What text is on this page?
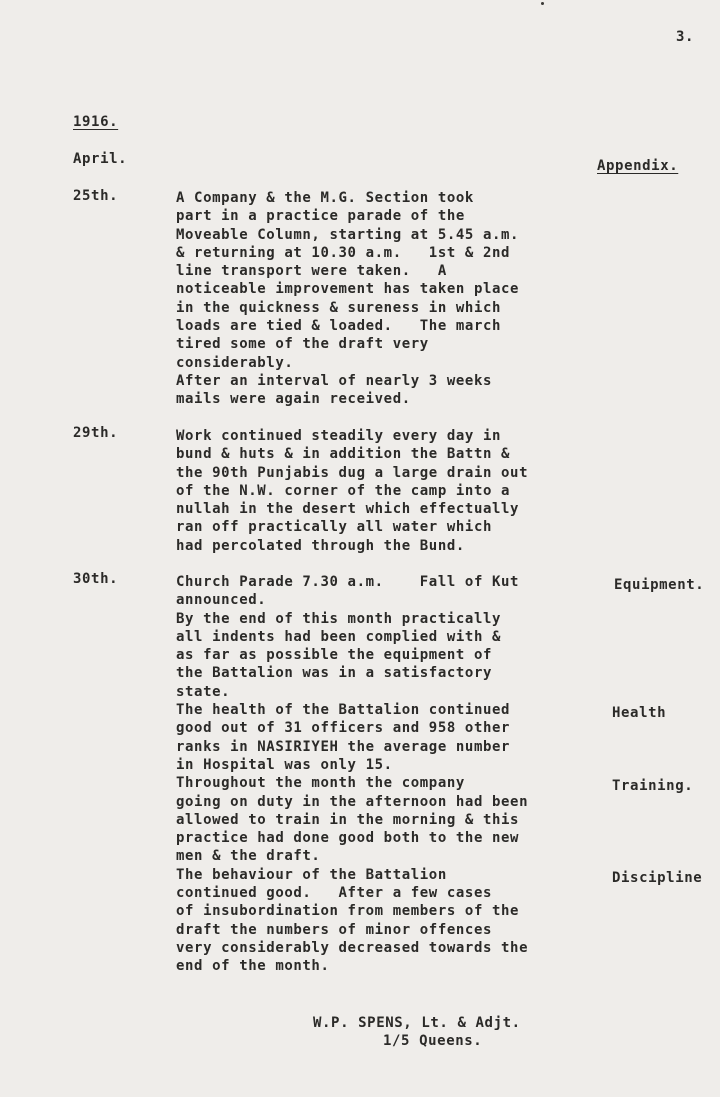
3.
1916.
April.	Appendix.
25th.	A Company & the M.G. Section took
part in a practice parade of the
Moveable Column, starting at 5.45 a.m.
& returning at 10.30 a.m.   1st & 2nd
line transport were taken.   A
noticeable improvement has taken place
in the quickness & sureness in which
loads are tied & loaded.   The march
tired some of the draft very
considerably.
After an interval of nearly 3 weeks
mails were again received.
29th.	Work continued steadily every day in
bund & huts & in addition the Battn &
the 90th Punjabis dug a large drain out
of the N.W. corner of the camp into a
nullah in the desert which effectually
ran off practically all water which
had percolated through the Bund.
30th.	Church Parade 7.30 a.m.    Fall of Kut
announced.
By the end of this month practically
all indents had been complied with &
as far as possible the equipment of
the Battalion was in a satisfactory
state.
The health of the Battalion continued
good out of 31 officers and 958 other
ranks in NASIRIYEH the average number
in Hospital was only 15.
Throughout the month the company
going on duty in the afternoon had been
allowed to train in the morning & this
practice had done good both to the new
men & the draft.
The behaviour of the Battalion
continued good.   After a few cases
of insubordination from members of the
draft the numbers of minor offences
very considerably decreased towards the
end of the month.
Equipment.
Health
Training.
Discipline
W.P. SPENS, Lt. & Adjt.
1/5 Queens.
